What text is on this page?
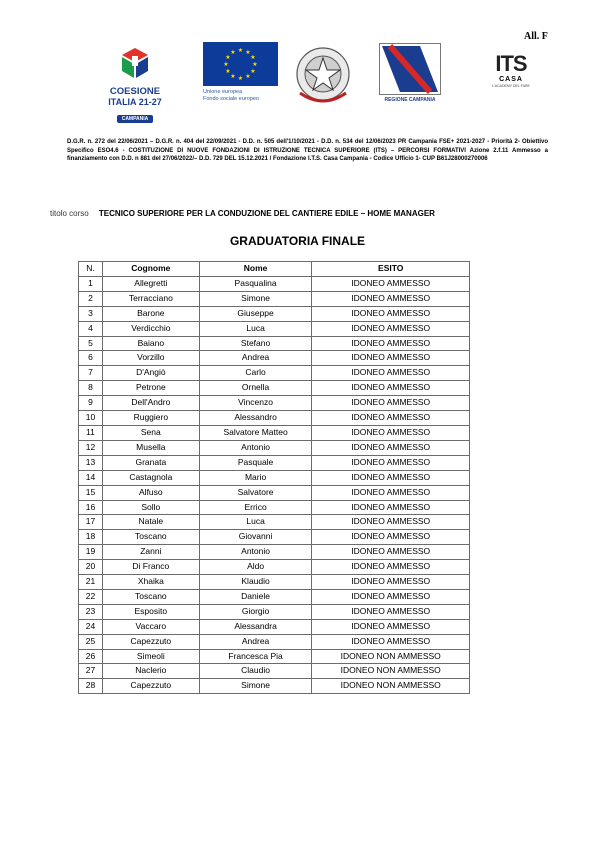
All. F
COESIONE
ITALIA 21-27
CAMPANIA
★ ★
★
★
★
★
★
★
★
★
★
★
Unione europea
Fondo sociale europeo	REGIONE CAMPANIA
ITS
CASA
L'ACADEMY DEL FARE
D.G.R. n. 272 del 22/06/2021 – D.G.R. n. 404 del 22/09/2021 - D.D. n. 505 dell'1/10/2021 - D.D. n. 534 del 12/06/2023 PR Campania FSE+ 2021-2027 - Priorità 2- Obiettivo Specifico ESO4.6 - COSTITUZIONE DI NUOVE FONDAZIONI DI ISTRUZIONE TECNICA SUPERIORE (ITS) – PERCORSI FORMATIVI Azione 2.f.11 Ammesso a finanziamento con D.D. n 881 del 27/06/2022/– D.D. 729 DEL 15.12.2021 / Fondazione I.T.S. Casa Campania - Codice Ufficio 1- CUP B61J28000270006
titolo corso TECNICO SUPERIORE PER LA CONDUZIONE DEL CANTIERE EDILE – HOME MANAGER
GRADUATORIA FINALE
N.	Cognome	Nome	ESITO
1	Allegretti	Pasqualina	IDONEO AMMESSO
2	Terracciano	Simone	IDONEO AMMESSO
3	Barone	Giuseppe	IDONEO AMMESSO
4	Verdicchio	Luca	IDONEO AMMESSO
5	Baiano	Stefano	IDONEO AMMESSO
6	Vorzillo	Andrea	IDONEO AMMESSO
7	D'Angiò	Carlo	IDONEO AMMESSO
8	Petrone	Ornella	IDONEO AMMESSO
9	Dell'Andro	Vincenzo	IDONEO AMMESSO
10	Ruggiero	Alessandro	IDONEO AMMESSO
11	Sena	Salvatore Matteo	IDONEO AMMESSO
12	Musella	Antonio	IDONEO AMMESSO
13	Granata	Pasquale	IDONEO AMMESSO
14	Castagnola	Mario	IDONEO AMMESSO
15	Alfuso	Salvatore	IDONEO AMMESSO
16	Sollo	Errico	IDONEO AMMESSO
17	Natale	Luca	IDONEO AMMESSO
18	Toscano	Giovanni	IDONEO AMMESSO
19	Zanni	Antonio	IDONEO AMMESSO
20	Di Franco	Aldo	IDONEO AMMESSO
21	Xhaika	Klaudio	IDONEO AMMESSO
22	Toscano	Daniele	IDONEO AMMESSO
23	Esposito	Giorgio	IDONEO AMMESSO
24	Vaccaro	Alessandra	IDONEO AMMESSO
25	Capezzuto	Andrea	IDONEO AMMESSO
26	Simeoli	Francesca Pia	IDONEO NON AMMESSO
27	Naclerio	Claudio	IDONEO NON AMMESSO
28	Capezzuto	Simone	IDONEO NON AMMESSO
